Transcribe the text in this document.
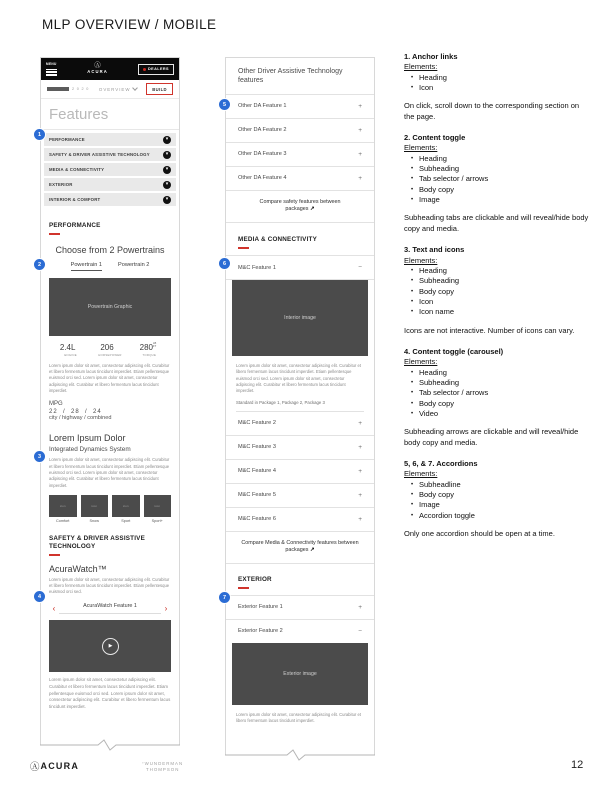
MLP OVERVIEW / MOBILE
MENU	Ⓐ
ACURA
DEALERS
2 0 2 0 OVERVIEW	BUILD
Features
PERFORMANCE
▾
SAFETY & DRIVER ASSISTIVE TECHNOLOGY
▾
MEDIA & CONNECTIVITY
▾
EXTERIOR
▾
INTERIOR & COMFORT
▾
PERFORMANCE
Choose from 2 Powertrains
Powertrain 1	Powertrain 2
Powertrain Graphic
2.4L
ENGINE
206
HORSEPOWER
280LB FT
TORQUE
Lorem ipsum dolor sit amet, consectetur adipiscing elit. Curabitur et libero fermentum lacus tincidunt imperdiet. Etiam pellentesque euismod orci sed. Lorem ipsum dolor sit amet, consectetur adipiscing elit. Curabitur et libero fermentum lacus tincidunt imperdiet.
MPG
22  /  28  /  24
city / highway / combined
Lorem Ipsum Dolor
Integrated Dynamics System
Lorem ipsum dolor sit amet, consectetur adipiscing elit. Curabitur et libero fermentum lacus tincidunt imperdiet. Etiam pellentesque euismod orci sed. Lorem ipsum dolor sit amet, consectetur adipiscing elit. Curabitur et libero fermentum lacus tincidunt imperdiet.
icon
Comfort
icon
Snow
icon
Sport
icon
Sport+
SAFETY & DRIVER ASSISTIVE TECHNOLOGY
AcuraWatch™
Lorem ipsum dolor sit amet, consectetur adipiscing elit. Curabitur et libero fermentum lacus tincidunt imperdiet. Etiam pellentesque euismod orci sed.
‹	AcuraWatch Feature 1	›
▶
Lorem ipsum dolor sit amet, consectetur adipiscing elit. Curabitur et libero fermentum lacus tincidunt imperdiet. Etiam pellentesque euismod orci sed. Lorem ipsum dolor sit amet, consectetur adipiscing elit. Curabitur et libero fermentum lacus tincidunt imperdiet.
Other Driver Assistive Technology features
Other DA Feature 1	+
Other DA Feature 2	+
Other DA Feature 3	+
Other DA Feature 4	+
Compare safety features between packages ↗
MEDIA & CONNECTIVITY
M&C Feature 1	−
Interior image
Lorem ipsum dolor sit amet, consectetur adipiscing elit. Curabitur et libero fermentum lacus tincidunt imperdiet. Etiam pellentesque euismod orci sed. Lorem ipsum dolor sit amet, consectetur adipiscing elit. Curabitur et libero fermentum lacus tincidunt imperdiet.
Standard in Package 1, Package 2, Package 3
M&C Feature 2	+
M&C Feature 3	+
M&C Feature 4	+
M&C Feature 5	+
M&C Feature 6	+
Compare Media & Connectivity features between packages ↗
EXTERIOR
Exterior Feature 1	+
Exterior Feature 2	−
Exterior image
Lorem ipsum dolor sit amet, consectetur adipiscing elit. Curabitur et libero fermentum lacus tincidunt imperdiet.
1
2
3
4
5
6
7
1. Anchor links
Elements:
• Heading
• Icon
On click, scroll down to the corresponding section on the page.
2. Content toggle
Elements:
• Heading
• Subheading
• Tab selector / arrows
• Body copy
• Image
Subheading tabs are clickable and will reveal/hide body copy and media.
3. Text and icons
Elements:
• Heading
• Subheading
• Body copy
• Icon
• Icon name
Icons are not interactive. Number of icons can vary.
4. Content toggle (carousel)
Elements:
• Heading
• Subheading
• Tab selector / arrows
• Body copy
• Video
Subheading arrows are clickable and will reveal/hide body copy and media.
5, 6, & 7. Accordions
Elements:
• Subheadline
• Body copy
• Image
• Accordion toggle
Only one accordion should be open at a time.
Ⓐ ACURA	°WUNDERMAN
THOMPSON	12
